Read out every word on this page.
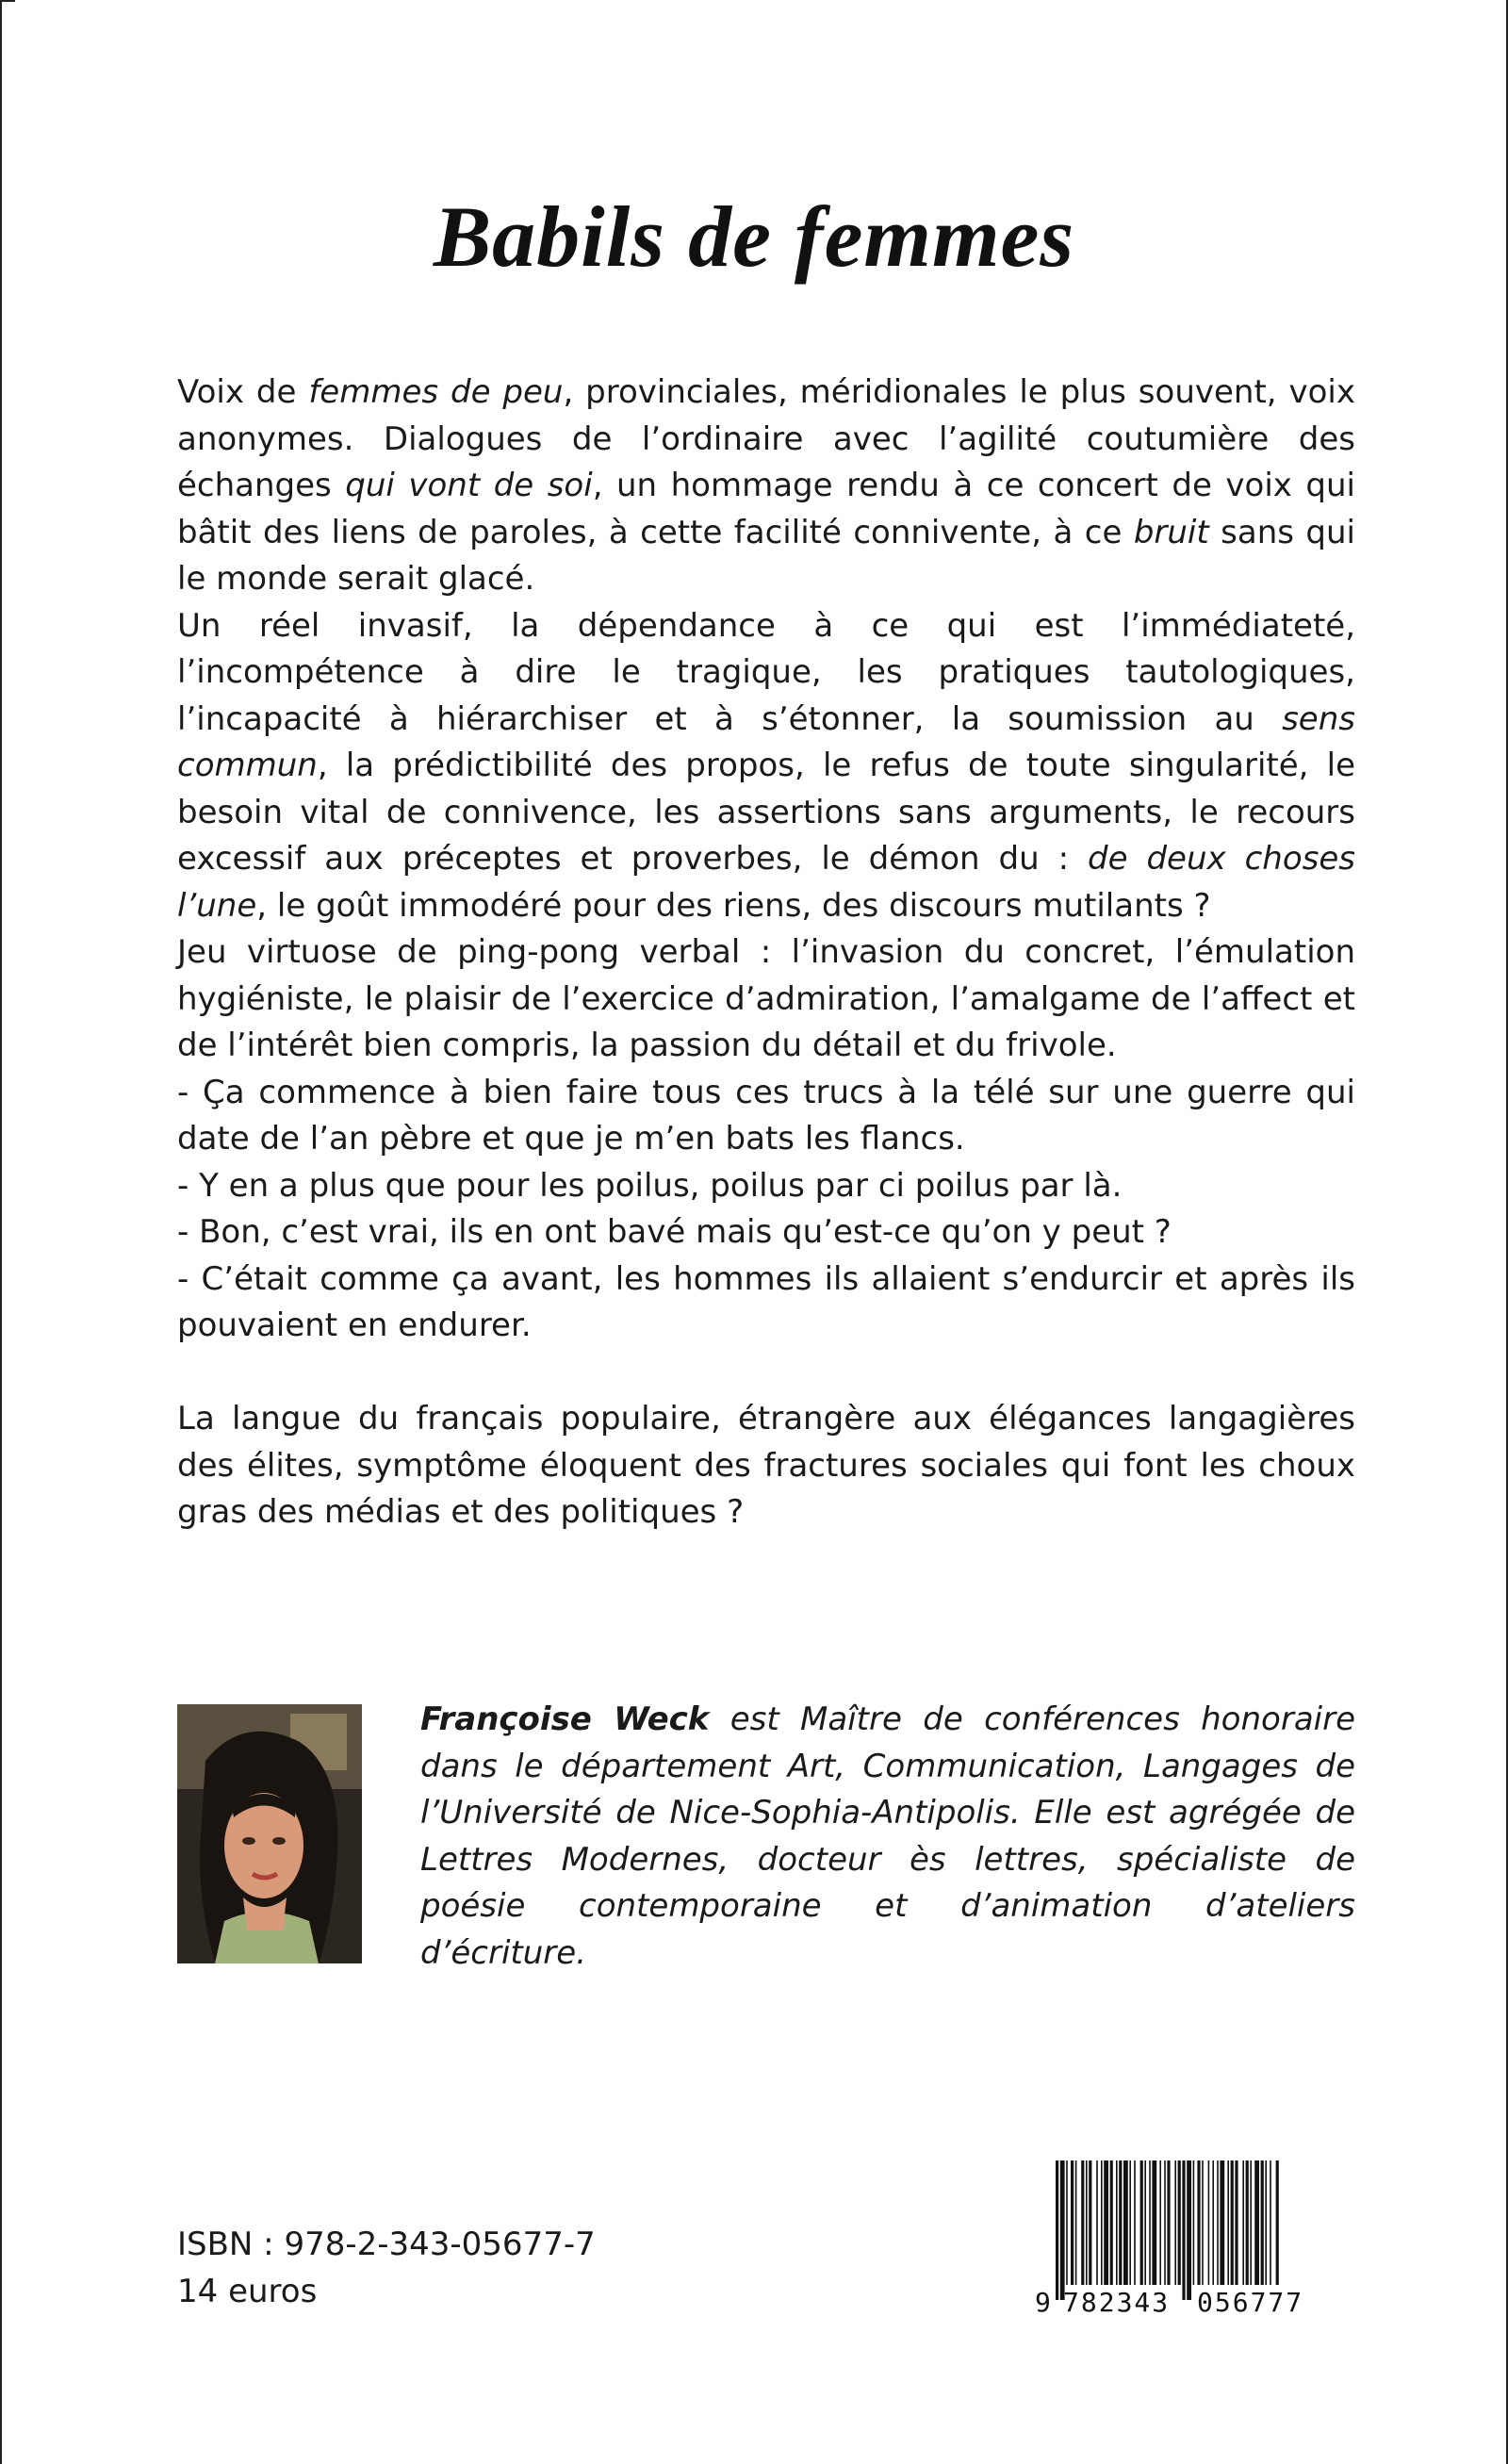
Babils de femmes

Voix de femmes de peu, provinciales, méridionales le plus souvent, voix anonymes. Dialogues de l’ordinaire avec l’agilité coutumière des échanges qui vont de soi, un hommage rendu à ce concert de voix qui bâtit des liens de paroles, à cette facilité connivente, à ce bruit sans qui le monde serait glacé.

Un réel invasif, la dépendance à ce qui est l’immédiateté, l’incompétence à dire le tragique, les pratiques tautologiques, l’incapacité à hiérarchiser et à s’étonner, la soumission au sens commun, la prédictibilité des propos, le refus de toute singularité, le besoin vital de connivence, les assertions sans arguments, le recours excessif aux préceptes et proverbes, le démon du : de deux choses l’une, le goût immodéré pour des riens, des discours mutilants ?

Jeu virtuose de ping-pong verbal : l’invasion du concret, l’émulation hygiéniste, le plaisir de l’exercice d’admiration, l’amalgame de l’affect et de l’intérêt bien compris, la passion du détail et du frivole.

- Ça commence à bien faire tous ces trucs à la télé sur une guerre qui date de l’an pèbre et que je m’en bats les flancs.

- Y en a plus que pour les poilus, poilus par ci poilus par là.

- Bon, c’est vrai, ils en ont bavé mais qu’est-ce qu’on y peut ?

- C’était comme ça avant, les hommes ils allaient s’endurcir et après ils pouvaient en endurer.

La langue du français populaire, étrangère aux élégances langagières des élites, symptôme éloquent des fractures sociales qui font les choux gras des médias et des politiques ?

Françoise Weck est Maître de conférences honoraire dans le département Art, Communication, Langages de l’Université de Nice-Sophia-Antipolis. Elle est agrégée de Lettres Modernes, docteur ès lettres, spécialiste de poésie contemporaine et d’animation d’ateliers d’écriture.
ISBN : 978-2-343-05677-7
14 euros	9 782343 056777
